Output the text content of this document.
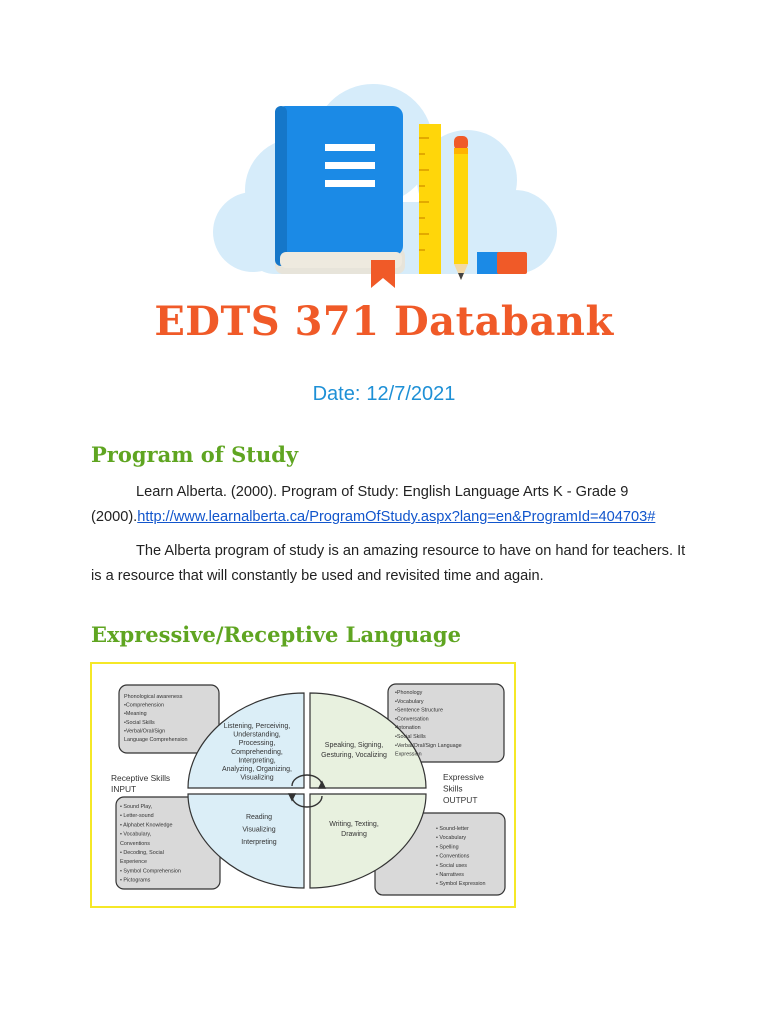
EDTS 371 Databank
Date: 12/7/2021
Program of Study

Learn Alberta. (2000). Program of Study: English Language Arts K - Grade 9 (2000).http://www.learnalberta.ca/ProgramOfStudy.aspx?lang=en&ProgramId=404703#

The Alberta program of study is an amazing resource to have on hand for teachers. It is a resource that will constantly be used and revisited time and again.

Expressive/Receptive Language
Phonological awareness
•Comprehension
•Meaning
•Social Skills
•Verbal/Oral/Sign
Language Comprehension
•Phonology
•Vocabulary
•Sentence Structure
•Conversation
•Intonation
•Social Skills
•Verbal/Oral/Sign Language
Expression
• Sound Play,
• Letter-sound
• Alphabet Knowledge
• Vocabulary,
Conventions
• Decoding, Social
Experience
• Symbol Comprehension
• Pictograms
• Sound-letter
• Vocabulary
• Spelling
• Conventions
• Social uses
• Narratives
• Symbol Expression
Receptive Skills
INPUT
Expressive
Skills
OUTPUT
Listening, Perceiving,
Understanding,
Processing,
Comprehending,
Interpreting,
Analyzing, Organizing,
Visualizing
Speaking, Signing,
Gesturing, Vocalizing
Reading
Visualizing
Interpreting
Writing, Texting,
Drawing
